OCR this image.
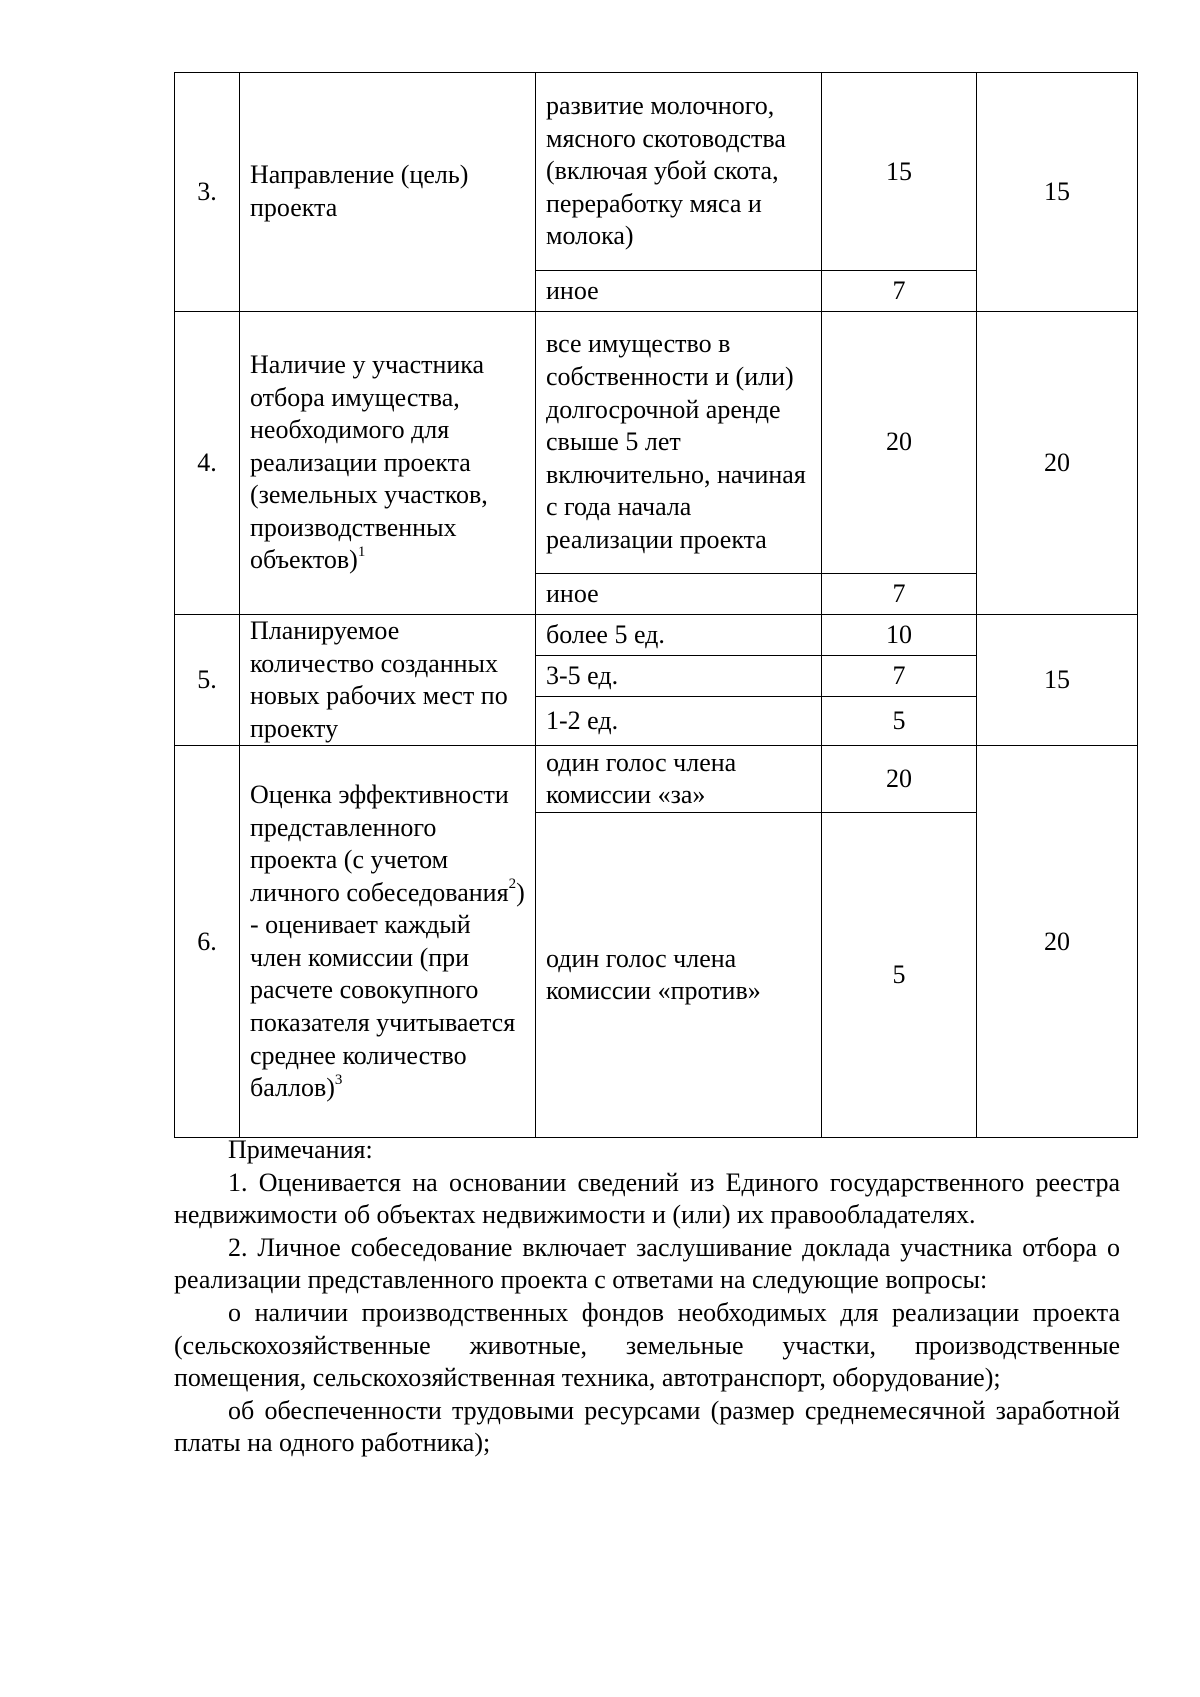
3.	Направление (цель) проекта	развитие молочного, мясного скотоводства (включая убой скота, переработку мяса и молока)	15	15
		иное	7	
4.	Наличие у участника отбора имущества, необходимого для реализации проекта (земельных участков, производственных объектов)$^1$	все имущество в собственности и (или) долгосрочной аренде свыше 5 лет включительно, начиная с года начала реализации проекта	20	20
		иное	7	
5.	Планируемое количество созданных новых рабочих мест по проекту	более 5 ед.	10	15
		3-5 ед.	7	
		1-2 ед.	5	
6.	Оценка эффективности представленного проекта (с учетом личного собеседования$^2$) - оценивает каждый член комиссии (при расчете совокупного показателя учитывается среднее количество баллов)$^3$	один голос члена комиссии «за»	20	20
		один голос члена комиссии «против»	5	

Примечания:

1. Оценивается на основании сведений из Единого государственного реестра недвижимости об объектах недвижимости и (или) их правообладателях.

2. Личное собеседование включает заслушивание доклада участника отбора о реализации представленного проекта с ответами на следующие вопросы:

о наличии производственных фондов необходимых для реализации проекта (сельскохозяйственные животные, земельные участки, производственные помещения, сельскохозяйственная техника, автотранспорт, оборудование);

об обеспеченности трудовыми ресурсами (размер среднемесячной заработной платы на одного работника);
